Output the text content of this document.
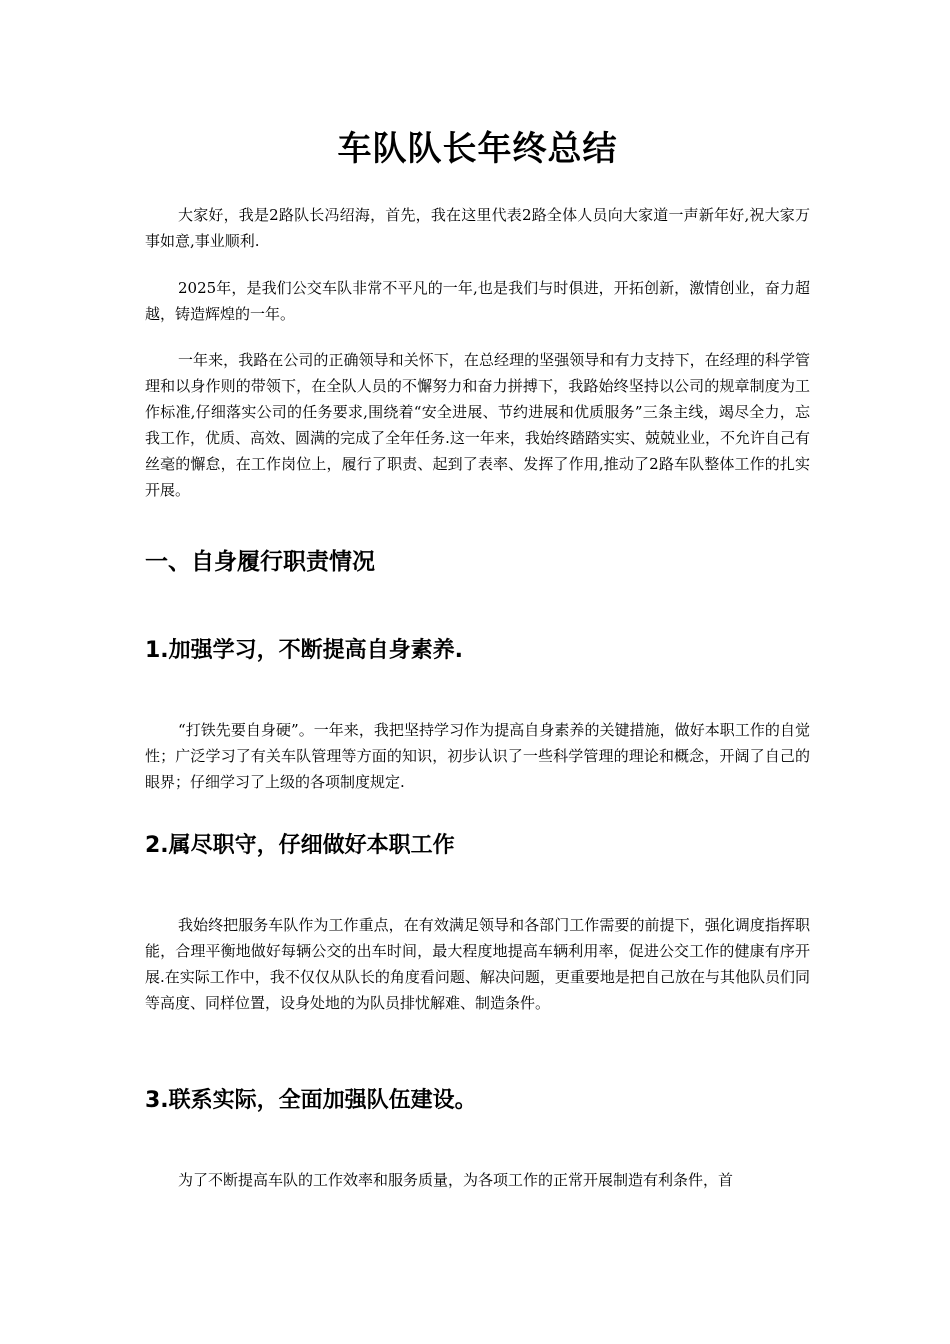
车队队长年终总结

大家好，我是2路队长冯绍海，首先，我在这里代表2路全体人员向大家道一声新年好,祝大家万事如意,事业顺利.

2025年，是我们公交车队非常不平凡的一年,也是我们与时俱进，开拓创新，激情创业，奋力超越，铸造辉煌的一年。

一年来，我路在公司的正确领导和关怀下，在总经理的坚强领导和有力支持下，在经理的科学管理和以身作则的带领下，在全队人员的不懈努力和奋力拼搏下，我路始终坚持以公司的规章制度为工作标准,仔细落实公司的任务要求,围绕着“安全进展、节约进展和优质服务”三条主线，竭尽全力，忘我工作，优质、高效、圆满的完成了全年任务.这一年来，我始终踏踏实实、兢兢业业，不允许自己有丝毫的懈怠，在工作岗位上，履行了职责、起到了表率、发挥了作用,推动了2路车队整体工作的扎实开展。

一、自身履行职责情况
1.加强学习，不断提高自身素养.

“打铁先要自身硬”。一年来，我把坚持学习作为提高自身素养的关键措施，做好本职工作的自觉性；广泛学习了有关车队管理等方面的知识，初步认识了一些科学管理的理论和概念，开阔了自己的眼界；仔细学习了上级的各项制度规定.

2.属尽职守，仔细做好本职工作

我始终把服务车队作为工作重点，在有效满足领导和各部门工作需要的前提下，强化调度指挥职能，合理平衡地做好每辆公交的出车时间，最大程度地提高车辆利用率，促进公交工作的健康有序开展.在实际工作中，我不仅仅从队长的角度看问题、解决问题，更重要地是把自己放在与其他队员们同等高度、同样位置，设身处地的为队员排忧解难、制造条件。

3.联系实际，全面加强队伍建设。

为了不断提高车队的工作效率和服务质量，为各项工作的正常开展制造有利条件，首
